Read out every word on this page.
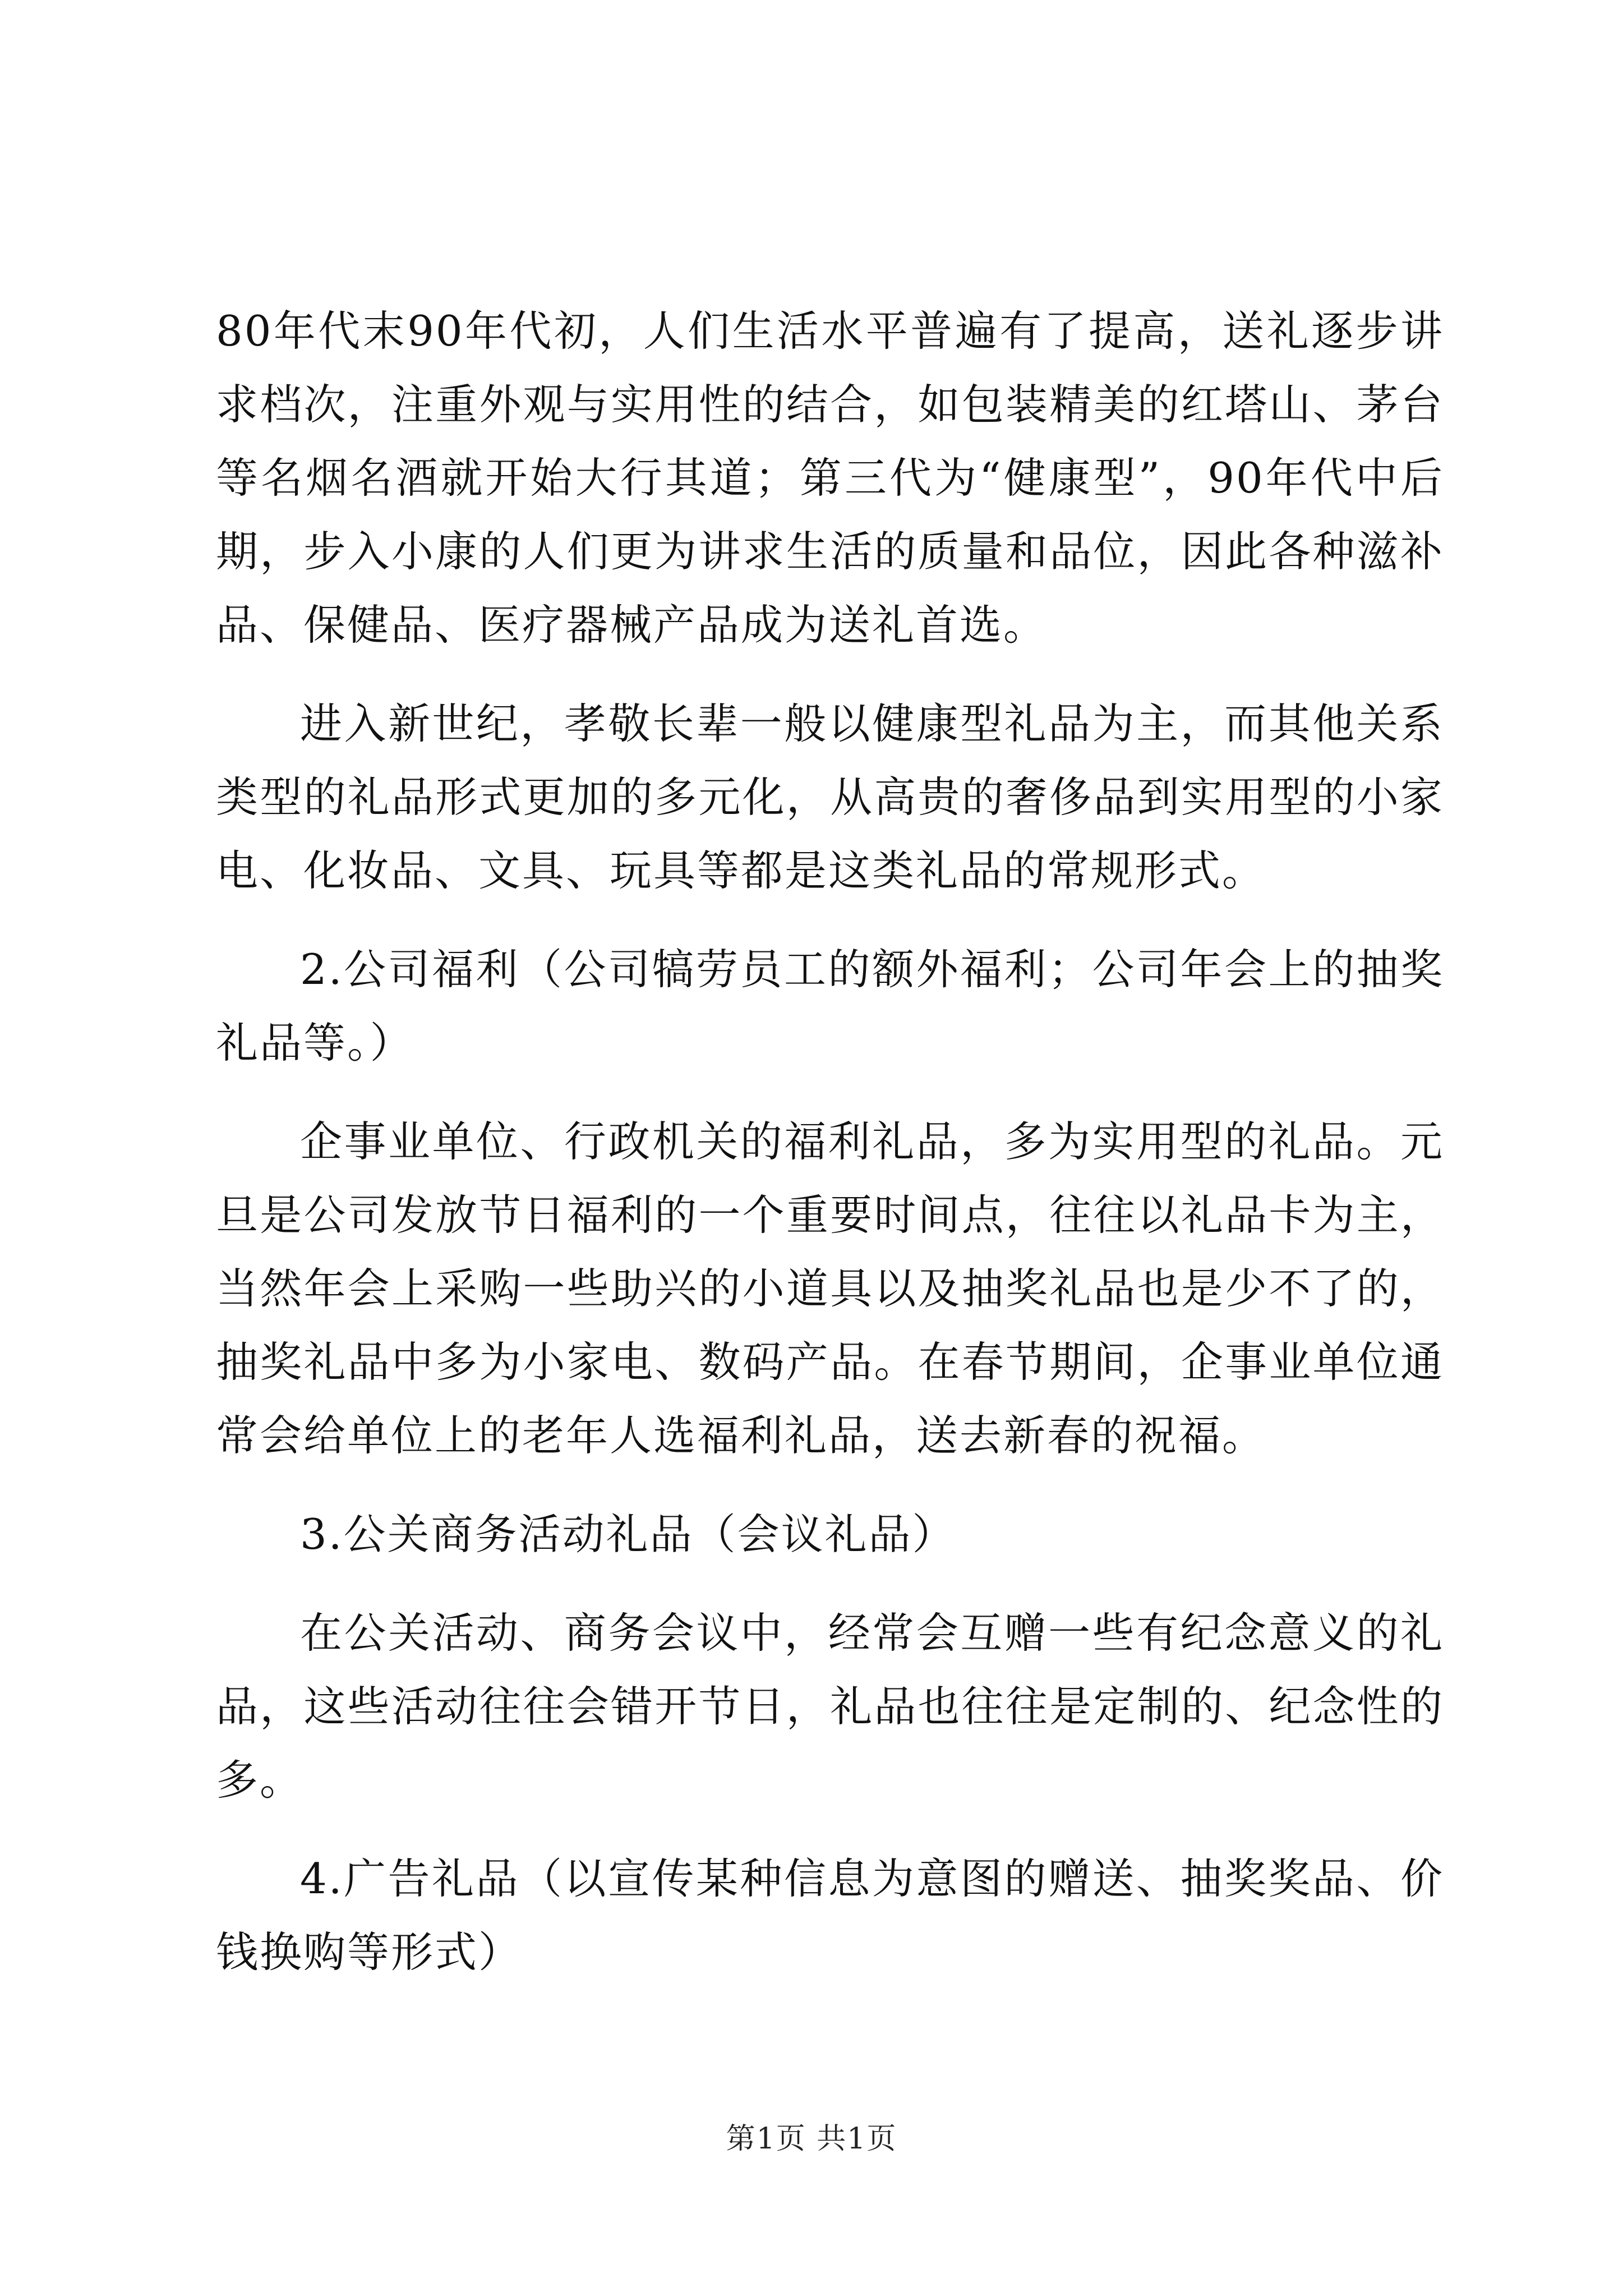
80年代末90年代初，人们生活水平普遍有了提高，送礼逐步讲
求档次，注重外观与实用性的结合，如包装精美的红塔山、茅台
等名烟名酒就开始大行其道；第三代为“健康型”，90年代中后
期，步入小康的人们更为讲求生活的质量和品位，因此各种滋补
品、保健品、医疗器械产品成为送礼首选。
进入新世纪，孝敬长辈一般以健康型礼品为主，而其他关系
类型的礼品形式更加的多元化，从高贵的奢侈品到实用型的小家
电、化妆品、文具、玩具等都是这类礼品的常规形式。
2.公司福利（公司犒劳员工的额外福利；公司年会上的抽奖
礼品等。）
企事业单位、行政机关的福利礼品，多为实用型的礼品。元
旦是公司发放节日福利的一个重要时间点，往往以礼品卡为主，
当然年会上采购一些助兴的小道具以及抽奖礼品也是少不了的，
抽奖礼品中多为小家电、数码产品。在春节期间，企事业单位通
常会给单位上的老年人选福利礼品，送去新春的祝福。
3.公关商务活动礼品（会议礼品）
在公关活动、商务会议中，经常会互赠一些有纪念意义的礼
品，这些活动往往会错开节日，礼品也往往是定制的、纪念性的
多。
4.广告礼品（以宣传某种信息为意图的赠送、抽奖奖品、价
钱换购等形式）
第1页 共1页
